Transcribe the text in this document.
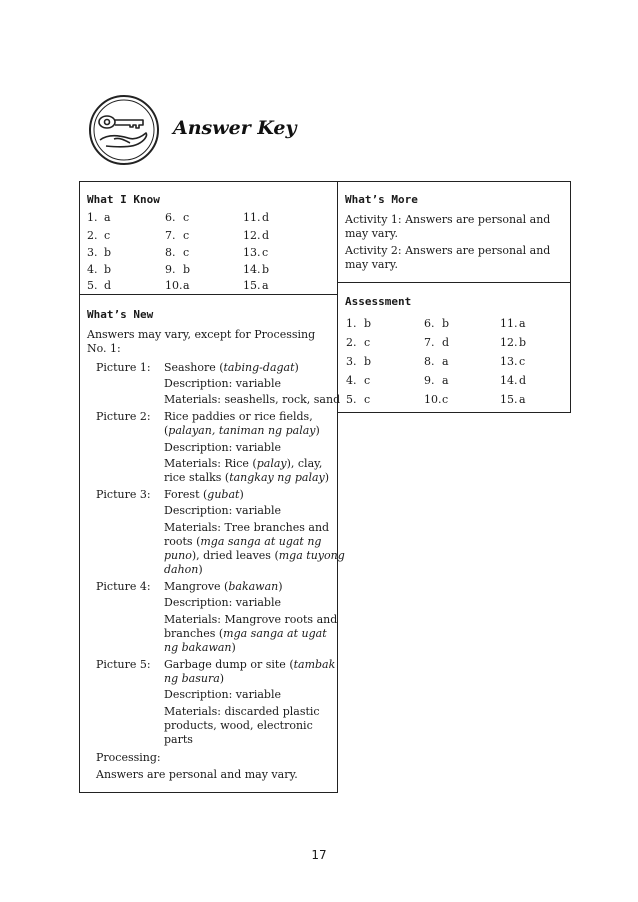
Answer Key
What I Know
1. a
2. c
3. b
4. b
5. d
6. c
7. c
8. c
9. b
10. a
11. d
12. d
13. c
14. b
15. a
What’s More
Activity 1: Answers are personal and may vary.
Activity 2: Answers are personal and may vary.
Assessment
1. b
2. c
3. b
4. c
5. c
6. b
7. d
8. a
9. a
10. c
11. a
12. b
13. c
14. d
15. a
What’s New
Answers may vary, except for Processing No. 1:
Picture 1: Seashore (tabing-dagat)
Description: variable
Materials: seashells, rock, sand
Picture 2: Rice paddies or rice fields,
(palayan, taniman ng palay)
Description: variable
Materials: Rice (palay), clay,
rice stalks (tangkay ng palay)
Picture 3: Forest (gubat)
Description: variable
Materials: Tree branches and
roots (mga sanga at ugat ng
puno), dried leaves (mga tuyong
dahon)
Picture 4: Mangrove (bakawan)
Description: variable
Materials: Mangrove roots and
branches (mga sanga at ugat
ng bakawan)
Picture 5: Garbage dump or site (tambak
ng basura)
Description: variable
Materials: discarded plastic
products, wood, electronic
parts
Processing:
Answers are personal and may vary.
17
